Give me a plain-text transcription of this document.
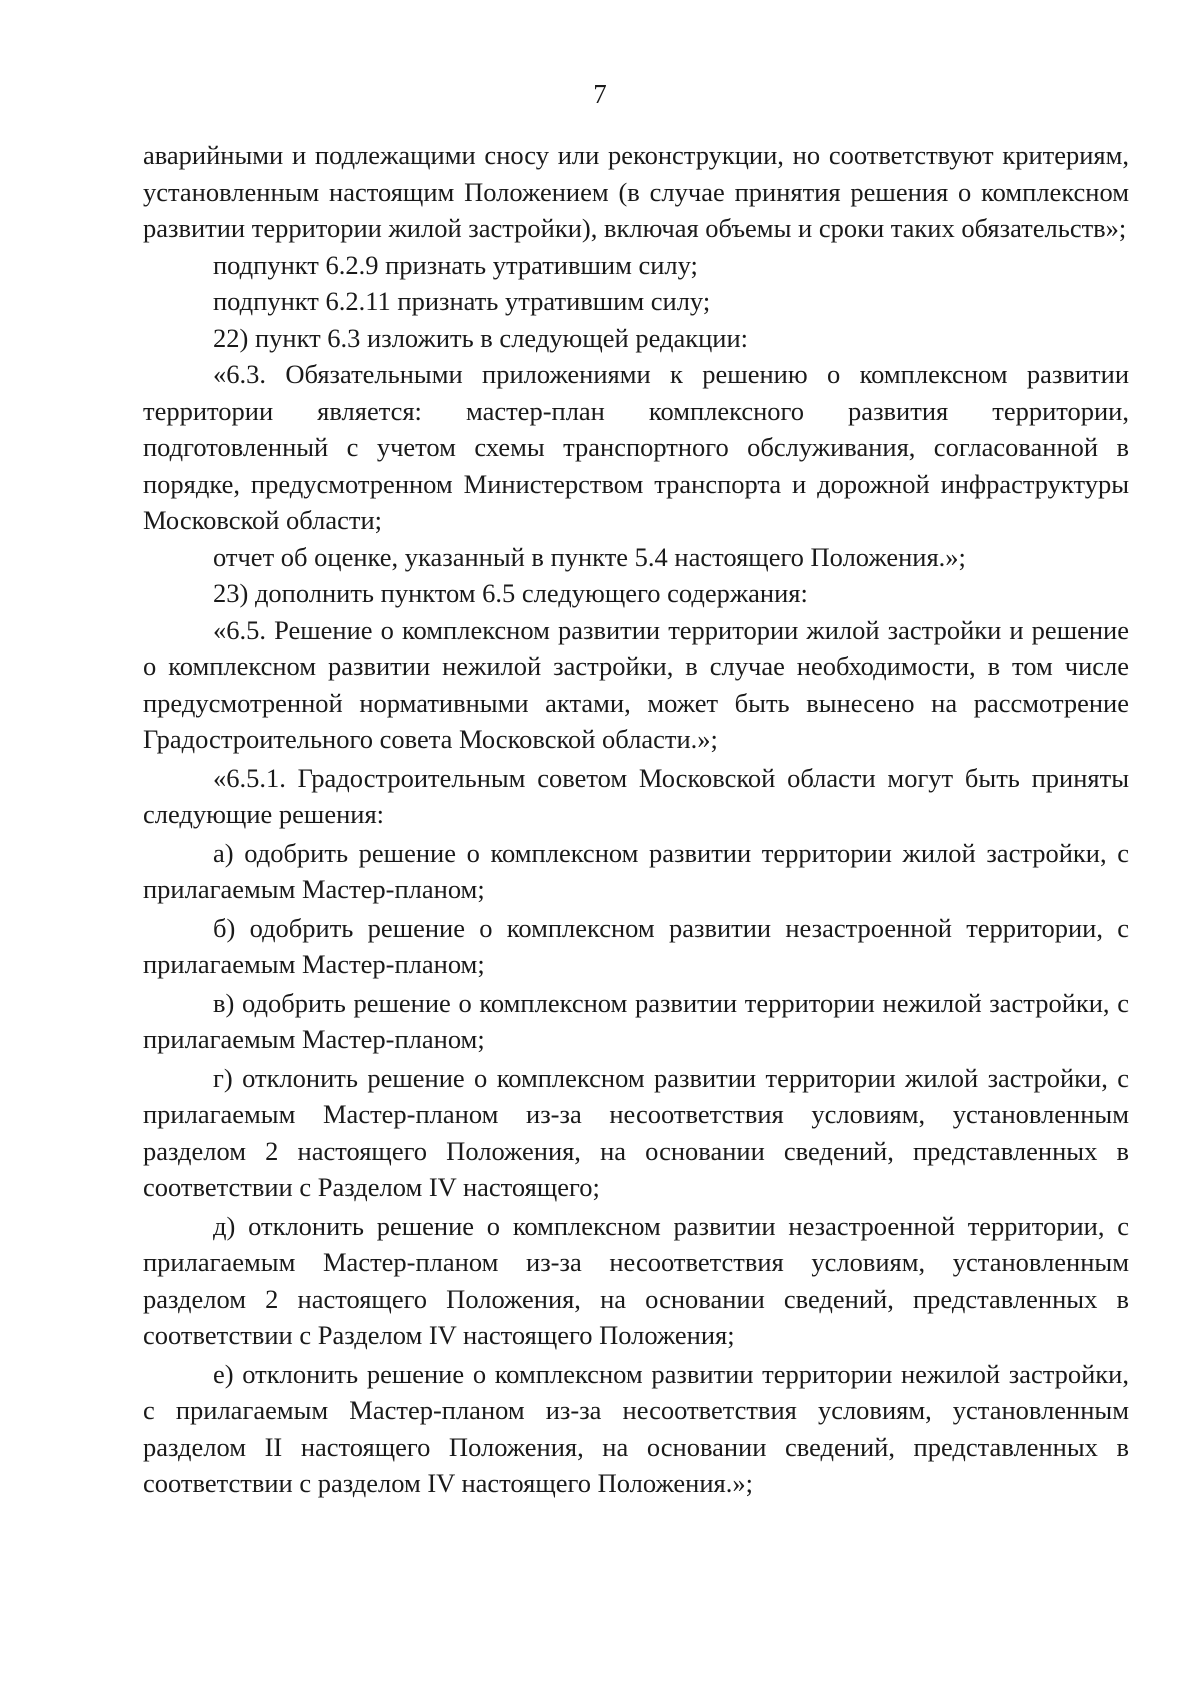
7

аварийными и подлежащими сносу или реконструкции, но соответствуют критериям, установленным настоящим Положением (в случае принятия решения о комплексном развитии территории жилой застройки), включая объемы и сроки таких обязательств»;

подпункт 6.2.9 признать утратившим силу;

подпункт 6.2.11 признать утратившим силу;

22) пункт 6.3 изложить в следующей редакции:

«6.3. Обязательными приложениями к решению о комплексном развитии территории является: мастер-план комплексного развития территории, подготовленный с учетом схемы транспортного обслуживания, согласованной в порядке, предусмотренном Министерством транспорта и дорожной инфраструктуры Московской области;

отчет об оценке, указанный в пункте 5.4 настоящего Положения.»;

23) дополнить пунктом 6.5 следующего содержания:

«6.5. Решение о комплексном развитии территории жилой застройки и решение о комплексном развитии нежилой застройки, в случае необходимости, в том числе предусмотренной нормативными актами, может быть вынесено на рассмотрение Градостроительного совета Московской области.»;

«6.5.1. Градостроительным советом Московской области могут быть приняты следующие решения:

а) одобрить решение о комплексном развитии территории жилой застройки, с прилагаемым Мастер-планом;

б) одобрить решение о комплексном развитии незастроенной территории, с прилагаемым Мастер-планом;

в) одобрить решение о комплексном развитии территории нежилой застройки, с прилагаемым Мастер-планом;

г) отклонить решение о комплексном развитии территории жилой застройки, с прилагаемым Мастер-планом из-за несоответствия условиям, установленным разделом 2 настоящего Положения, на основании сведений, представленных в соответствии с Разделом IV настоящего;

д) отклонить решение о комплексном развитии незастроенной территории, с прилагаемым Мастер-планом из-за несоответствия условиям, установленным разделом 2 настоящего Положения, на основании сведений, представленных в соответствии с Разделом IV настоящего Положения;

е) отклонить решение о комплексном развитии территории нежилой застройки, с прилагаемым Мастер-планом из-за несоответствия условиям, установленным разделом II настоящего Положения, на основании сведений, представленных в соответствии с разделом IV настоящего Положения.»;
